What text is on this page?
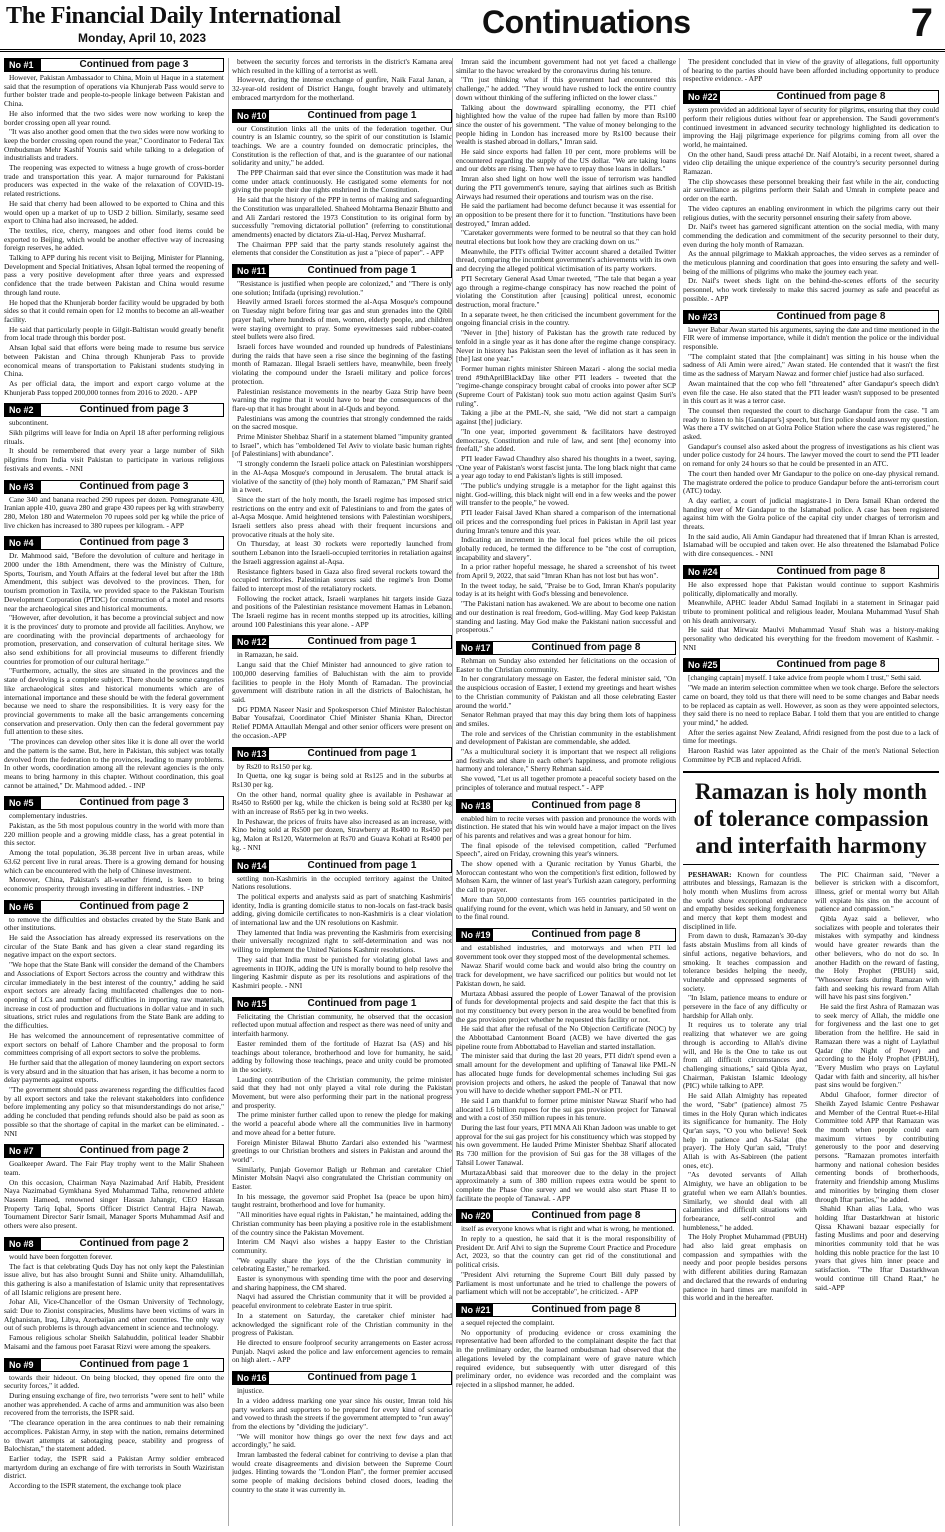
The Financial Daily International
Monday, April 10, 2023	Continuations	7
No #1	Continued from page 3

However, Pakistan Ambassador to China, Moin ul Haque in a statement said that the resumption of operations via Khunjerab Pass would serve to further bolster trade and people-to-people linkage between Pakistan and China.

He also informed that the two sides were now working to keep the border crossing open all year round.

"It was also another good omen that the two sides were now working to keep the border crossing open round the year," Coordinator to Federal Tax Ombudsman Mehr Kashif Younis said while talking to a delegation of industrialists and traders.

The reopening was expected to witness a huge growth of cross-border trade and transportation this year. A major turnaround for Pakistani producers was expected in the wake of the relaxation of COVID-19-related restrictions.

He said that cherry had been allowed to be exported to China and this would open up a market of up to USD 2 billion. Similarly, sesame seed export to China had also increased, he added.

The textiles, rice, cherry, mangoes and other food items could be exported to Beijing, which would be another effective way of increasing foreign reserves, he added.

Talking to APP during his recent visit to Beijing, Minister for Planning, Development and Special Initiatives, Ahsan Iqbal termed the reopening of pass a very positive development after three years and expressed confidence that the trade between Pakistan and China would resume through land route.

He hoped that the Khunjerab border facility would be upgraded by both sides so that it could remain open for 12 months to become an all-weather facility.

He said that particularly people in Gilgit-Baltistan would greatly benefit from local trade through this border post.

Ahsan Iqbal said that efforts were being made to resume bus service between Pakistan and China through Khunjerab Pass to provide economical means of transportation to Pakistani students studying in China.

As per official data, the import and export cargo volume at the Khunjerab Pass topped 200,000 tonnes from 2016 to 2020. - APP

No #2	Continued from page 3

subcontinent.

Sikh pilgrims will leave for India on April 18 after performing religious rituals.

It should be remembered that every year a large number of Sikh pilgrims from India visit Pakistan to participate in various religious festivals and events. - NNI

No #3	Continued from page 3

Cane 340 and banana reached 290 rupees per dozen. Pomegranate 430, Iranian apple 410, guava 280 and grape 430 rupees per kg with strawberry 280, Melon 180 and Watermelon 70 rupees sold per kg while the price of live chicken has increased to 380 rupees per kilogram. - APP

No #4	Continued from page 3

Dr. Mahmood said, "Before the devolution of culture and heritage in 2000 under the 18th Amendment, there was the Ministry of Culture, Sports, Tourism, and Youth Affairs at the federal level but after the 18th Amendment, this subject was devolved to the provinces. Then, for tourism promotion in Taxila, we provided space to the Pakistan Tourism Development Corporation (PTDC) for construction of a motel and resorts near the archaeological sites and historical monuments.

"However, after devolution, it has become a provincial subject and now it is the provinces' duty to promote and provide all facilities. Anyhow, we are coordinating with the provincial departments of archaeology for promotion, preservation, and conservation of cultural heritage sites. We also send exhibitions for all provincial museums to different friendly countries for promotion of our cultural heritage."

"Furthermore, actually, the sites are situated in the provinces and the state of devolving is a complete subject. There should be some categories like archaeological sites and historical monuments which are of international importance and these should be with the federal government because we need to share the responsibilities. It is very easy for the provincial governments to make all the basic arrangements concerning conservation and preservation. Only then can the federal government pay full attention to these sites.

"The provinces can develop other sites like it is done all over the world and the pattern is the same. But, here in Pakistan, this subject was totally devolved from the federation to the provinces, leading to many problems. In other words, coordination among all the relevant agencies is the only means to bring harmony in this chapter. Without coordination, this goal cannot be attained," Dr. Mahmood added. - INP

No #5	Continued from page 3

complementary industries.

Pakistan, as the 5th most populous country in the world with more than 220 million people and a growing middle class, has a great potential in this sector.

Among the total population, 36.38 percent live in urban areas, while 63.62 percent live in rural areas. There is a growing demand for housing which can be encountered with the help of Chinese investment.

Moreover, China, Pakistan's all-weather friend, is keen to bring economic prosperity through investing in different industries. - INP

No #6	Continued from page 2

to remove the difficulties and obstacles created by the State Bank and other institutions.

He said the Association has already expressed its reservations on the circular of the State Bank and has given a clear stand regarding its negative impact on the export sectors.

"We hope that the State Bank will consider the demand of the Chambers and Associations of Export Sectors across the country and withdraw this circular immediately in the best interest of the country," adding he said export sectors are already facing multifaceted challenges due to non-opening of LCs and number of difficulties in importing raw materials, increase in cost of production and fluctuations in dollar value and in such situations, strict rules and regulations from the State Bank are adding to the difficulties.

He has welcomed the announcement of representative committee of export sectors on behalf of Lahore Chamber and the proposal to form committees comprising of all export sectors to solve the problems.

He further said that the allegation of money laundering on export sectors is very absurd and in the situation that has arisen, it has become a norm to delay payments against exports.

"The government should pass awareness regarding the difficulties faced by all export sectors and take the relevant stakeholders into confidence before implementing any policy so that misunderstandings do not arise," adding he concluded that pending refunds should also be paid as soon as possible so that the shortage of capital in the market can be eliminated. - NNI

No #7	Continued from page 2

Goalkeeper Award. The Fair Play trophy went to the Malir Shaheen team.

On this occasion, Chairman Naya Nazimabad Arif Habib, President Naya Nazimabad Gymkhana Syed Muhammad Talha, renowned athlete Naseem Hameed, renowned singer Hassan Jahangir, CEO Hassan Property Tariq Iqbal, Sports Officer District Central Hajra Nawab, Tournament Director Sarir Ismail, Manager Sports Muhammad Asif and others were also present.

No #8	Continued from page 2

would have been forgotten forever.

The fact is that celebrating Quds Day has not only kept the Palestinian issue alive, but has also brought Sunni and Shiite unity. Alhamdulillah, this gathering is also a manifestation of Islamic unity that representatives of all Islamic religions are present here.

Johar Ali, Vice-Chancellor of the Osman University of Technology, said: Due to Zionist conspiracies, Muslims have been victims of wars in Afghanistan, Iraq, Libya, Azerbaijan and other countries. The only way out of such problems is through advancement in science and technology.

Famous religious scholar Sheikh Salahuddin, political leader Shabbir Maisami and the famous poet Farasat Rizvi were among the speakers.

No #9	Continued from page 1

towards their hideout. On being blocked, they opened fire onto the security forces," it added.

During ensuing exchange of fire, two terrorists "were sent to hell" while another was apprehended. A cache of arms and ammunition was also been recovered from the terrorists, the ISPR said.

"The clearance operation in the area continues to nab their remaining accomplices. Pakistan Army, in step with the nation, remains determined to thwart attempts at sabotaging peace, stability and progress of Balochistan," the statement added.

Earlier today, the ISPR said a Pakistan Army soldier embraced martyrdom during an exchange of fire with terrorists in South Waziristan district.

According to the ISPR statement, the exchange took place

between the security forces and terrorists in the district's Kamana area which resulted in the killing of a terrorist as well.

However, during the intense exchange of gunfire, Naik Fazal Janan, a 32-year-old resident of District Hangu, fought bravely and ultimately embraced martyrdom for the motherland.

No #10	Continued from page 1

our Constitution links all the units of the federation together. Our country is an Islamic country, so the spirit of our constitution is Islamic teachings. We are a country founded on democratic principles, the Constitution is the reflection of that, and is the guarantee of our national solidarity and unity," he added.

The PPP Chairman said that ever since the Constitution was made it had come under attack continuously. He castigated some elements for not giving the people their due rights enshrined in the Constitution.

He said that the history of the PPP in terms of making and safeguarding the Constitution was unparalleled. Shaheed Mohtarma Benazir Bhutto and and Ali Zardari restored the 1973 Constitution to its original form by successfully "removing dictatorial pollution" (referring to constitutional amendments) enacted by dictators Zia-ul-Haq, Pervez Musharraf.

The Chairman PPP said that the party stands resolutely against the elements that consider the Constitution as just a "piece of paper". - APP

No #11	Continued from page 1

"Resistance is justified when people are colonized," and "There is only one solution; Intifada (uprising) revolution."

Heavily armed Israeli forces stormed the al-Aqsa Mosque's compound on Tuesday night before firing tear gas and stun grenades into the Qibli prayer hall, where hundreds of men, women, elderly people, and children were staying overnight to pray. Some eyewitnesses said rubber-coated steel bullets were also fired.

Israeli forces have wounded and rounded up hundreds of Palestinians during the raids that have seen a rise since the beginning of the fasting month of Ramazan. Illegal Israeli settlers have, meanwhile, been freely violating the compound under the Israeli military and police forces' protection.

Palestinian resistance movements in the nearby Gaza Strip have been warning the regime that it would have to bear the consequences of the flare-up that it has brought about in al-Quds and beyond.

Palestinians was among the countries that strongly condemned the raids on the sacred mosque.

Prime Minister Shehbaz Sharif in a statement blamed "impunity granted to Israel", which has "emboldened Tel Aviv to violate basic human rights [of Palestinians] with abundance".

"I strongly condemn the Israeli police attack on Palestinian worshippers in the Al-Aqsa Mosque's compound in Jerusalem. The brutal attack is violative of the sanctity of (the) holy month of Ramazan," PM Sharif said in a tweet.

Since the start of the holy month, the Israeli regime has imposed strict restrictions on the entry and exit of Palestinians to and from the gates of al-Aqsa Mosque. Amid heightened tensions with Palestinian worshipers, Israeli settlers also press ahead with their frequent incursions and provocative rituals at the holy site.

On Thursday, at least 30 rockets were reportedly launched from southern Lebanon into the Israeli-occupied territories in retaliation against the Israeli aggression against al-Aqsa.

Resistance fighters based in Gaza also fired several rockets toward the occupied territories. Palestinian sources said the regime's Iron Dome failed to intercept most of the retaliatory rockets.

Following the rocket attack, Israeli warplanes hit targets inside Gaza and positions of the Palestinian resistance movement Hamas in Lebanon. The Israeli regime has in recent months stepped up its atrocities, killing around 100 Palestinians this year alone. - APP

No #12	Continued from page 1

in Ramazan, he said.

Langu said that the Chief Minister had announced to give ration to 100,000 deserving families of Baluchistan with the aim to provide facilities to people in the Holy Month of Ramadan. The provincial government will distribute ration in all the districts of Balochistan, he said.

DG PDMA Naseer Nasir and Spokesperson Chief Minister Balochistan Babar Yousafzai, Coordinator Chief Minister Shania Khan, Director Relief PDMA Attaullah Mengal and other senior officers were present on the occasion.-APP

No #13	Continued from page 1

by Rs20 to Rs150 per kg.

In Quetta, one kg sugar is being sold at Rs125 and in the suburbs at Rs130 per kg.

On the other hand, normal quality ghee is available in Peshawar at Rs450 to Rs600 per kg, while the chicken is being sold at Rs380 per kg with an increase of Rs65 per kg in two weeks.

In Peshawar, the prices of fruits have also increased as an increase, with Kino being sold at Rs500 per dozen, Strawberry at Rs400 to Rs450 per kg, Malon at Rs120, Watermelon at Rs70 and Guava Kohati at Rs400 per kg. - NNI

No #14	Continued from page 1

settling non-Kashmiris in the occupied territory against the United Nations resolutions.

The political experts and analysts said as part of snatching Kashmiris' identity, India is granting domicile status to non-locals on fast-track basis adding, giving domicile certificates to non-Kashmiris is a clear violation of international law and the UN resolutions on Kashmir.

They lamented that India was preventing the Kashmiris from exercising their universally recognized right to self-determination and was not willing to implement the United Nations Kashmir resolutions.

They said that India must be punished for violating global laws and agreements in IIOJK, adding the UN is morally bound to help resolve the lingering Kashmir dispute as per its resolutions and aspirations of the Kashmiri people. - NNI

No #15	Continued from page 1

Felicitating the Christian community, he observed that the occasion reflected upon mutual affection and respect as there was need of unity and interfaith harmony.

Easter reminded them of the fortitude of Hazrat Isa (AS) and his teachings about tolerance, brotherhood and love for humanity, he said, adding by following those teachings, peace and unity could be promoted in the society.

Lauding contribution of the Christian community, the prime minister said that they had not only played a vital role during the Pakistan Movement, but were also performing their part in the national progress and prosperity.

The prime minister further called upon to renew the pledge for making the world a peaceful abode where all the communities live in harmony and move ahead for a better future.

Foreign Minister Bilawal Bhutto Zardari also extended his "warmest greetings to our Christian brothers and sisters in Pakistan and around the world".

Similarly, Punjab Governor Baligh ur Rehman and caretaker Chief Minister Mohsin Naqvi also congratulated the Christian community on Easter.

In his message, the governor said Prophet Isa (peace be upon him) taught restraint, brotherhood and love for humanity.

"All minorities have equal rights in Pakistan," he maintained, adding the Christian community has been playing a positive role in the establishment of the country since the Pakistan Movement.

Interim CM Naqvi also wishes a happy Easter to the Christian community.

"We equally share the joys of the the Christian community in celebrating Easter," he remarked.

Easter is synonymous with spending time with the poor and deserving and sharing happiness, the CM shared.

Naqvi had assured the Christian community that it will be provided a peaceful environment to celebrate Easter in true spirit.

In a statement on Saturday, the caretaker chief minister had acknowledged the significant role of the Christian community in the progress of Pakistan.

He directed to ensure foolproof security arrangements on Easter across Punjab. Naqvi asked the police and law enforcement agencies to remain on high alert. - APP

No #16	Continued from page 1

injustice.

In a video address marking one year since his ouster, Imran told his party workers and supporters to be prepared for every kind of scenario and vowed to thrash the streets if the government attempted to "run away" from the elections by "dividing the judiciary".

"We will monitor how things go over the next few days and act accordingly," he said.

Imran lambasted the federal cabinet for contriving to devise a plan that would create disagreements and division between the Supreme Court judges. Hinting towards the "London Plan", the former premier accused some people of making decisions behind closed doors, leading the country to the state it was currently in.

Imran said the incumbent government had not yet faced a challenge similar to the havoc wreaked by the coronavirus during his tenure.

"I'm just thinking what if this government had encountered this challenge," he added. "They would have rushed to lock the entire country down without thinking of the suffering inflicted on the lower class."

Talking about the downward spiralling economy, the PTI chief highlighted how the value of the rupee had fallen by more than Rs100 since the ouster of his government. "The value of money belonging to the people hiding in London has increased more by Rs100 because their wealth is stashed abroad in dollars," Imran said.

He said since exports had fallen 10 per cent, more problems will be encountered regarding the supply of the US dollar. "We are taking loans and our debts are rising. Then we have to repay those loans in dollars."

Imran also shed light on how well the issue of terrorism was handled during the PTI government's tenure, saying that airlines such as British Airways had resumed their operations and tourism was on the rise.

He said the parliament had become defunct because it was essential for an opposition to be present there for it to function. "Institutions have been destroyed," Imran added.

"Caretaker governments were formed to be neutral so that they can hold neutral elections but look how they are cracking down on us."

Meanwhile, the PTI's official Twitter account shared a detailed Twitter thread, comparing the incumbent government's achievements with its own and decrying the alleged political victimisation of its party workers.

PTI Secretary General Asad Umar tweeted, "The tale that began a year ago through a regime-change conspiracy has now reached the point of violating the Constitution after [causing] political unrest, economic destruction, moral fracture."

In a separate tweet, he then criticised the incumbent government for the ongoing financial crisis in the country.

"Never in [the] history of Pakistan has the growth rate reduced by tenfold in a single year as it has done after the regime change conspiracy. Never in history has Pakistan seen the level of inflation as it has seen in [the] last one year."

Former human rights minister Shireen Mazari - along the social media trend #9thAprilBlackDay like other PTI leaders - tweeted that the "regime-change conspiracy brought cabal of crooks into power after SCP (Supreme Court of Pakistan) took suo motu action against Qasim Suri's ruling".

Taking a jibe at the PML-N, she said, "We did not start a campaign against [the] judiciary.

"In one year, imported government & facilitators have destroyed democracy, Constitution and rule of law, and sent [the] economy into freefall," she added.

PTI leader Fawad Chaudhry also shared his thoughts in a tweet, saying, "One year of Pakistan's worst fascist junta. The long black night that came a year ago today to end Pakistan's lights is still imposed.

"The public's undying struggle is a metaphor for the light against this night. God-willing, this black night will end in a few weeks and the power will transfer to the people," he vowed.

PTI leader Faisal Javed Khan shared a comparison of the international oil prices and the corresponding fuel prices in Pakistan in April last year during Imran's tenure and this year.

Indicating an increment in the local fuel prices while the oil prices globally reduced, he termed the difference to be "the cost of corruption, incapability and slavery".

In a prior rather hopeful message, he shared a screenshot of his tweet from April 9, 2022, that said "Imran Khan has not lost but has won".

In the tweet today, he said, "Praise be to God, Imran Khan's popularity today is at its height with God's blessing and benevolence.

"The Pakistani nation has awakened. We are about to become one nation and our destination is real freedom, God-willing. May God keep Pakistan standing and lasting. May God make the Pakistani nation successful and prosperous."

No #17	Continued from page 8

Rehman on Sunday also extended her felicitations on the occasion of Easter to the Christian community.

In her congratulatory message on Easter, the federal minister said, "On the auspicious occasion of Easter, I extend my greetings and heart wishes to the Christian community of Pakistan and all those celebrating Easter around the world."

Senator Rehman prayed that may this day bring them lots of happiness and smiles.

The role and services of the Christian community in the establishment and development of Pakistan are commendable, she added.

"As a multicultural society it is important that we respect all religions and festivals and share in each other's happiness, and promote religious harmony and tolerance," Sherry Rehman said.

She vowed, "Let us all together promote a peaceful society based on the principles of tolerance and mutual respect." - APP

No #18	Continued from page 8

enabled him to recite verses with passion and pronounce the words with distinction. He stated that his win would have a major impact on the lives of his parents and relatives and was a great honour for him.

The final episode of the televised competition, called "Perfumed Speech", aired on Friday, crowning this year's winners.

The show opened with a Quranic recitation by Yunus Gharbi, the Moroccan contestant who won the competition's first edition, followed by Mohsen Karn, the winner of last year's Turkish azan category, performing the call to prayer.

More than 50,000 contestants from 165 countries participated in the qualifying round for the event, which was held in January, and 50 went on to the final round.

No #19	Continued from page 8

and established industries, and motorways and when PTI led government took over they stopped most of the developmental schemes.

Nawaz Sharif would come back and would also bring the country on track for development, we have sacrificed our politics but would not let Pakistan down, he said.

Murtaza Abbasi assured the people of Lower Tanawal of the provision of funds for developmental projects and said despite the fact that this is not my constituency but every person in the area would be benefited from the gas provision project whether he requested this facility or not.

He said that after the refusal of the No Objection Certificate (NOC) by the Abbottabad Cantonment Board (ACB) we have diverted the gas pipeline route from Abbottabad to Havelian and started installation.

The minister said that during the last 20 years, PTI didn't spend even a small amount for the development and uplifting of Tanawal like PML-N has allocated huge funds for developmental schemes including Sui gas provision projects and others, he asked the people of Tanawal that now you will have to decide whether support PML-N or PTI.

He said I am thankful to former prime minister Nawaz Sharif who had allocated 1.6 billion rupees for the sui gas provision project for Tanawal and with a cost of 350 million rupees in his tenure.

During the last four years, PTI MNA Ali Khan Jadoon was unable to get approval for the sui gas project for his constituency which was stopped by his own government. He lauded Prime Minister Shehbaz Sharif allocated Rs 730 million for the provision of Sui gas for the 38 villages of the Tahsil Lower Tanawal.

MurtazaAbbasi said that moreover due to the delay in the project approximately a sum of 380 million rupees extra would be spent to complete the Phase One survey and we would also start Phase II to facilitate the people of Tanawal. - APP

No #20	Continued from page 8

itself as everyone knows what is right and what is wrong, he mentioned.

In reply to a question, he said that it is the moral responsibility of President Dr. Arif Alvi to sign the Supreme Court Practice and Procedure Act, 2023, so that the country can get rid of the constitutional and political crisis.

"President Alvi returning the Supreme Court Bill duly passed by Parliament is most unfortunate and he tried to challenge the powers of parliament which will not be acceptable", he criticized. - APP

No #21	Continued from page 8

a sequel rejected the complaint.

No opportunity of producing evidence or cross examining the representative had been afforded to the complainant despite the fact that in the preliminary order, the learned ombudsman had observed that the allegations leveled by the complainant were of grave nature which required evidence, but subsequently with utter disregard of this preliminary order, no evidence was recorded and the complaint was rejected in a slipshod manner, he added.

The president concluded that in view of the gravity of allegations, full opportunity of hearing to the parties should have been afforded including opportunity to produce respective evidence. - APP

No #22	Continued from page 8

system provided an additional layer of security for pilgrims, ensuring that they could perform their religious duties without fear or apprehension. The Saudi government's continued investment in advanced security technology highlighted its dedication to improving the Hajj pilgrimage experience for pilgrims coming from all over the world, he maintained.

On the other hand, Saudi press attaché Dr. Naif Alotaibi, in a recent tweet, shared a video clip detailing the unique experience of the country's security personnel during Ramazan.

The clip showcases these personnel breaking their fast while in the air, conducting air surveillance as pilgrims perform their Salah and Umrah in complete peace and order on the earth.

The video captures an enabling environment in which the pilgrims carry out their religious duties, with the security personnel ensuring their safety from above.

Dr. Naif's tweet has garnered significant attention on the social media, with many commending the dedication and commitment of the security personnel to their duty, even during the holy month of Ramazan.

As the annual pilgrimage to Makkah approaches, the video serves as a reminder of the meticulous planning and coordination that goes into ensuring the safety and well-being of the millions of pilgrims who make the journey each year.

Dr. Naif's tweet sheds light on the behind-the-scenes efforts of the security personnel, who work tirelessly to make this sacred journey as safe and peaceful as possible. - APP

No #23	Continued from page 8

lawyer Babar Awan started his arguments, saying the date and time mentioned in the FIR were of immense importance, while it didn't mention the police or the individual responsible.

"The complaint stated that [the complainant] was sitting in his house when the sadness of Ali Amin were aired," Awan stated. He contended that it wasn't the first time as the sadness of Maryam Nawaz and former chief justice had also surfaced.

Awan maintained that the cop who fell "threatened" after Gandapur's speech didn't even file the case. He also stated that the PTI leader wasn't supposed to be presented in this court as it was a terror case.

The counsel then requested the court to discharge Gandapur from the case. "I am ready to listen to his [Gandapur's] speech, but first police should answer my question. Was there a TV switched on at Golra Police Station where the case was registered," he asked.

Gandapur's counsel also asked about the progress of investigations as his client was under police custody for 24 hours. The lawyer moved the court to send the PTI leader on remand for only 24 hours so that he could be presented in an ATC.

The court then handed over Mr Gandapur to the police on one-day physical remand. The magistrate ordered the police to produce Gandapur before the anti-terrorism court (ATC) today.

A day earlier, a court of judicial magistrate-1 in Dera Ismail Khan ordered the handing over of Mr Gandapur to the Islamabad police. A case has been registered against him with the Golra police of the capital city under charges of terrorism and threats.

In the said audio, Ali Amin Gandapur had threatened that if Imran Khan is arrested, Islamabad will be occupied and taken over. He also threatened the Islamabad Police with dire consequences. - NNI

No #24	Continued from page 8

He also expressed hope that Pakistan would continue to support Kashmiris politically, diplomatically and morally.

Meanwhile, APHC leader Abdul Samad Inqilabi in a statement in Srinagar paid tribute to prominent political and religious leader, Moulana Muhammad Yusuf Shah on his death anniversary.

He said that Mirwaiz Maulvi Muhammad Yusuf Shah was a history-making personality who dedicated his everything for the freedom movement of Kashmir. - NNI

No #25	Continued from page 8

[changing captain] myself. I take advice from people whom I trust," Sethi said.

"We made an interim selection committee when we took charge. Before the selectors came on board, they told us that there will need to be some changes and Babar needs to be replaced as captain as well. However, as soon as they were appointed selectors, they said there is no need to replace Babar. I told them that you are entitled to change your mind," he added.

After the series against New Zealand, Afridi resigned from the post due to a lack of time for meetings.

Haroon Rashid was later appointed as the Chair of the men's National Selection Committee by PCB and replaced Afridi.

Ramazan is holy month of tolerance compassion and interfaith harmony

PESHAWAR: Known for countless attributes and blessings, Ramazan is the holy month when Muslims from across the world show exceptional endurance and empathy besides seeking forgiveness and mercy that kept them modest and disciplined in life.

From dawn to dusk, Ramazan's 30-day fasts abstain Muslims from all kinds of sinful actions, negative behaviors, and smoking. It teaches compassion and tolerance besides helping the needy, vulnerable and oppressed segments of society.

"In Islam, patience means to endure or persevere in the face of any difficulty or hardship for Allah only.

It requires us to tolerate any trial realizing that whatever we are going through is according to Allah's divine will, and He is the One to take us out from all difficult circumstances and challenging situations," said Qibla Ayaz, Chairman, Pakistan Islamic Ideology (PIC) while talking to APP.

He said Allah Almighty has repeated the word, "Sabr" (patience) almost 75 times in the Holy Quran which indicates its significance for humanity. The Holy Qur'an says, "O you who believe! Seek help in patience and As-Salat (the prayer). The Holy Qur'an said, "Truly! Allah is with As-Sabireen (the patient ones, etc).

"As devoted servants of Allah Almighty, we have an obligation to be grateful when we earn Allah's bounties. Similarly, we should deal with all calamities and difficult situations with forbearance, self-control and humbleness," he added.

The Holy Prophet Muhammad (PBUH) had also laid great emphasis on compassion and sympathies with the needy and poor people besides persons with different abilities during Ramazan and declared that the rewards of enduring patience in hard times are manifold in this world and in the hereafter.

The PIC Chairman said, "Never a believer is stricken with a discomfort, illness, grief or mental worry but Allah will expiate his sins on the account of patience and compassion."

Qibla Ayaz said a believer, who socializes with people and tolerates their mistakes with sympathy and kindness would have greater rewards than the other believers, who do not do so. In another Hadith on the reward of fasting, the Holy Prophet (PBUH) said, "Whosoever fasts during Ramazan with faith and seeking his reward from Allah will have his past sins forgiven."

He said the first Ashra of Ramazan was to seek mercy of Allah, the middle one for forgiveness and the last one to get liberation from the hellfire. He said in Ramazan there was a night of Laylathul Qadar (the Night of Power) and according to the Holy Prophet (PBUH), "Every Muslim who prays on Laylatul Qadar with faith and sincerity, all his/her past sins would be forgiven."

Abdul Ghafoor, former director of Sheikh Zayed Islamic Centre Peshawar and Member of the Central Ruet-e-Hilal Committee told APP that Ramazan was the month when people could earn maximum virtues by contributing generously to the poor and deserving persons. "Ramazan promotes interfaith harmony and national cohesion besides cementing bonds of brotherhoods, fraternity and friendship among Muslims and minorities by bringing them closer through Iftar parties," he added.

Shahid Khan alias Lala, who was holding Iftar Dastarkhwan at historic Qissa Khawani bazaar especially for fasting Muslims and poor and deserving minorities community told that he was holding this noble practice for the last 10 years that gives him inner peace and satisfaction. "The Iftar Dastarkhwan would continue till Chand Raat," he said.-APP
